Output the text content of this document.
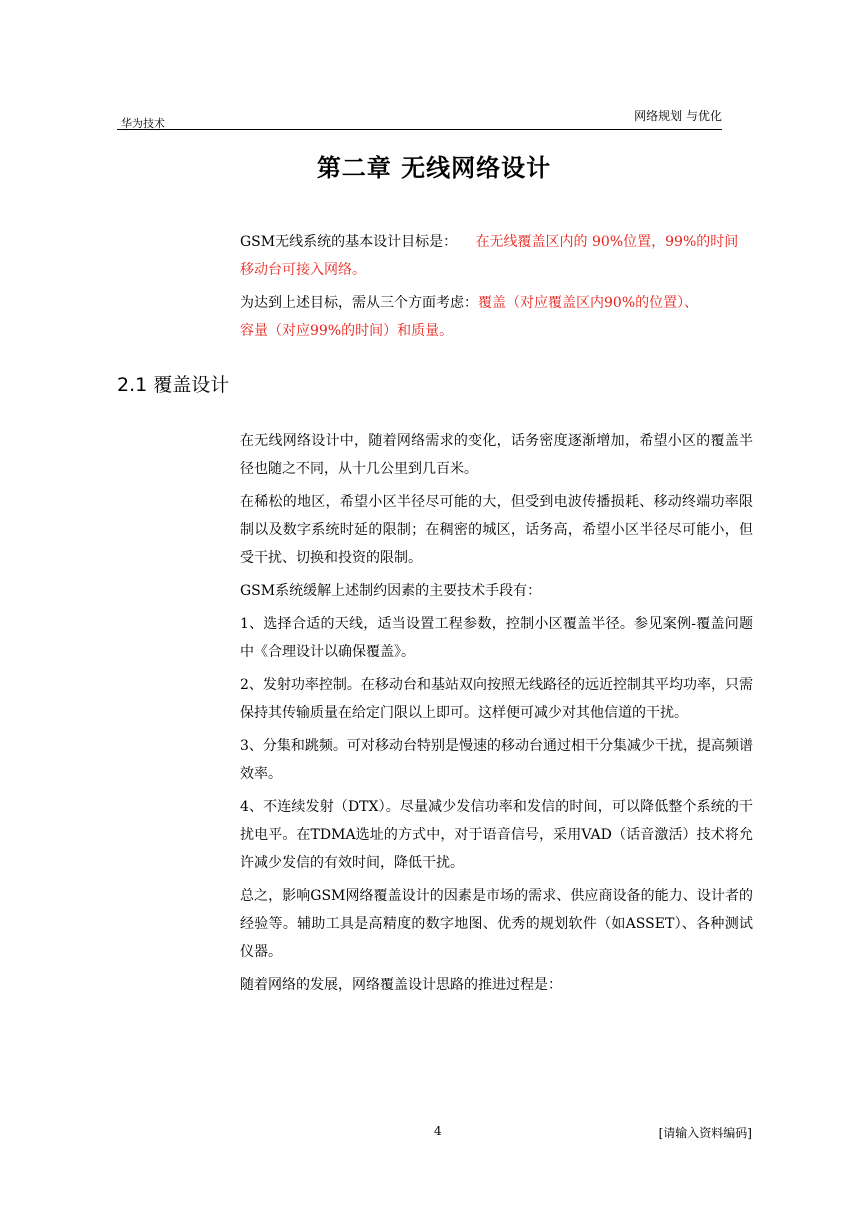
华为技术
网络规划 与优化
第二章 无线网络设计

GSM无线系统的基本设计目标是： 在无线覆盖区内的 90%位置，99%的时间
移动台可接入网络。

为达到上述目标，需从三个方面考虑：覆盖（对应覆盖区内90%的位置）、
容量（对应99%的时间）和质量。

2.1 覆盖设计

在无线网络设计中，随着网络需求的变化，话务密度逐渐增加，希望小区的覆盖半径也随之不同，从十几公里到几百米。

在稀松的地区，希望小区半径尽可能的大，但受到电波传播损耗、移动终端功率限制以及数字系统时延的限制；在稠密的城区，话务高，希望小区半径尽可能小，但受干扰、切换和投资的限制。

GSM系统缓解上述制约因素的主要技术手段有：

1、选择合适的天线，适当设置工程参数，控制小区覆盖半径。参见案例-覆盖问题中《合理设计以确保覆盖》。

2、发射功率控制。在移动台和基站双向按照无线路径的远近控制其平均功率，只需保持其传输质量在给定门限以上即可。这样便可减少对其他信道的干扰。

3、分集和跳频。可对移动台特别是慢速的移动台通过相干分集减少干扰，提高频谱效率。

4、不连续发射（DTX）。尽量减少发信功率和发信的时间，可以降低整个系统的干扰电平。在TDMA选址的方式中，对于语音信号，采用VAD（话音激活）技术将允许减少发信的有效时间，降低干扰。

总之，影响GSM网络覆盖设计的因素是市场的需求、供应商设备的能力、设计者的经验等。辅助工具是高精度的数字地图、优秀的规划软件（如ASSET）、各种测试仪器。

随着网络的发展，网络覆盖设计思路的推进过程是：

4	[请输入资料编码]
